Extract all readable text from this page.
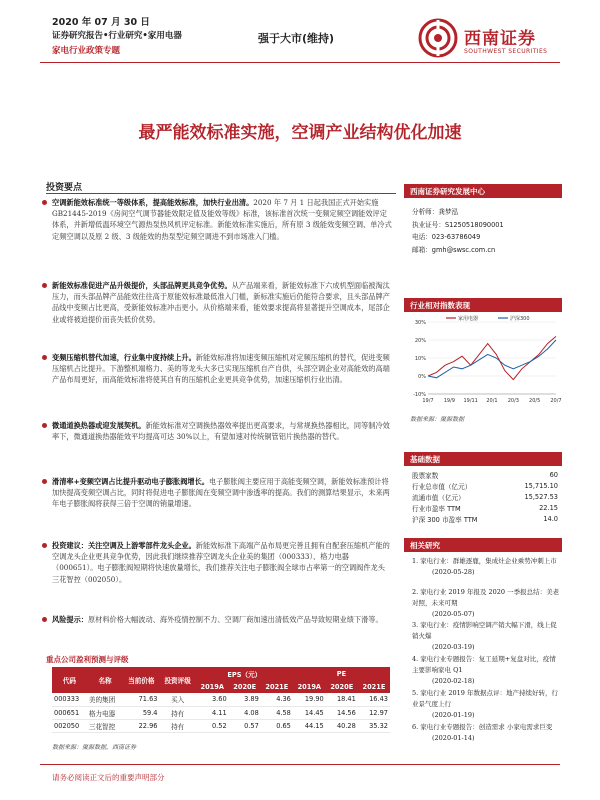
2020 年 07 月 30 日
证券研究报告•行业研究•家用电器
家电行业政策专题
强于大市(维持)	西南证券
SOUTHWEST SECURITIES
最严能效标准实施，空调产业结构优化加速
投资要点
空调新能效标准统一等级体系，提高能效标准，加快行业出清。2020 年 7 月 1 日起我国正式开始实施 GB21445-2019《房间空气调节器能效限定值及能效等级》标准，该标准首次统一变频定频空调能效评定体系，并新增低温环境空气源热泵热风机评定标准。新能效标准实施后，所有原 3 级能效变频空调、单冷式定频空调以及原 2 级、3 级能效的热泵型定频空调进不到市场准入门槛。
新能效标准促进产品升级提价，头部品牌更具竞争优势。从产品端来看，新能效标准下六成机型面临被淘汰压力，而头部品牌产品能效往往高于原能效标准最低准入门槛，新标准实施后仍能符合要求，且头部品牌产品线中变频占比更高，受新能效标准冲击更小。从价格端来看，能效要求提高将显著提升空调成本，尾部企业或将被迫提价而丧失低价优势。
变频压缩机替代加速，行业集中度持续上升。新能效标准将加速变频压缩机对定频压缩机的替代，促进变频压缩机占比提升。下游整机端格力、美的等龙头大多已实现压缩机自产自供，头部空调企业对高能效的高端产品布局更好，而高能效标准将使其自有的压缩机企业更具竞争优势，加速压缩机行业出清。
微通道换热器或迎发展契机。新能效标准对空调换热器效率提出更高要求，与常规换热器相比，同等制冷效率下，微通道换热器能效平均提高可达 30%以上，有望加速对传统铜管铝片换热器的替代。
滑清率+变频空调占比提升驱动电子膨胀阀增长。电子膨胀阀主要应用于高能变频空调，新能效标准预计将加快提高变频空调占比，同时将促进电子膨胀阀在变频空调中渗透率的提高。我们的测算结果显示，未来两年电子膨胀阀将获得三倍于空调的销量增速。
投资建议：关注空调及上游零部件龙头企业。新能效标准下高端产品布局更完善且拥有自配套压缩机产能的空调龙头企业更具竞争优势，因此我们继续推荐空调龙头企业美的集团（000333）、格力电器（000651）。电子膨胀阀短期将快速放量增长，我们推荐关注电子膨胀阀全球市占率第一的空调阀件龙头三花智控（002050）。
风险提示：原材料价格大幅波动、海外疫情控制不力、空调厂商加速出清低效产品导致短期业绩下滑等。
重点公司盈利预测与评级
代码	名称	当前价格	投资评级	EPS（元）			PE		
				2019A	2020E	2021E	2019A	2020E	2021E
000333	美的集团	71.63	买入	3.60	3.89	4.36	19.90	18.41	16.43
000651	格力电器	59.4	持有	4.11	4.08	4.58	14.45	14.56	12.97
002050	三花智控	22.96	持有	0.52	0.57	0.65	44.15	40.28	35.32
数据来源：聚源数据，西南证券
西南证券研究发展中心
分析师：龚梦泓
执业证号：S1250518090001
电话：023-63786049
邮箱：gmh@swsc.com.cn
行业相对指数表现
30%
20%
10%
0%
-10%
19/7 19/9 19/11 20/1 20/3 20/5 20/7
家用电器	沪深300
数据来源：聚源数据
基础数据
股票家数	60
行业总市值（亿元）	15,715.10
流通市值（亿元）	15,527.53
行业市盈率 TTM	22.15
沪深 300 市盈率 TTM	14.0
相关研究
1. 家电行业：群雄逐鹿，集成灶企业乘势冲刺上市
(2020-05-28)
2. 家电行业 2019 年报及 2020 一季报总结：美老对照，未来可期
(2020-05-07)
3. 家电行业：疫情影响空调产销大幅下滑，线上促销火爆
(2020-03-19)
4. 家电行业专题报告：复工延期+复盘对比，疫情主要影响家电 Q1
(2020-02-18)
5. 家电行业 2019 年数据点评：地产持续好转，行业景气度上行
(2020-01-19)
6. 家电行业专题报告：创造需求 小家电需求巨变
(2020-01-14)
请务必阅读正文后的重要声明部分
